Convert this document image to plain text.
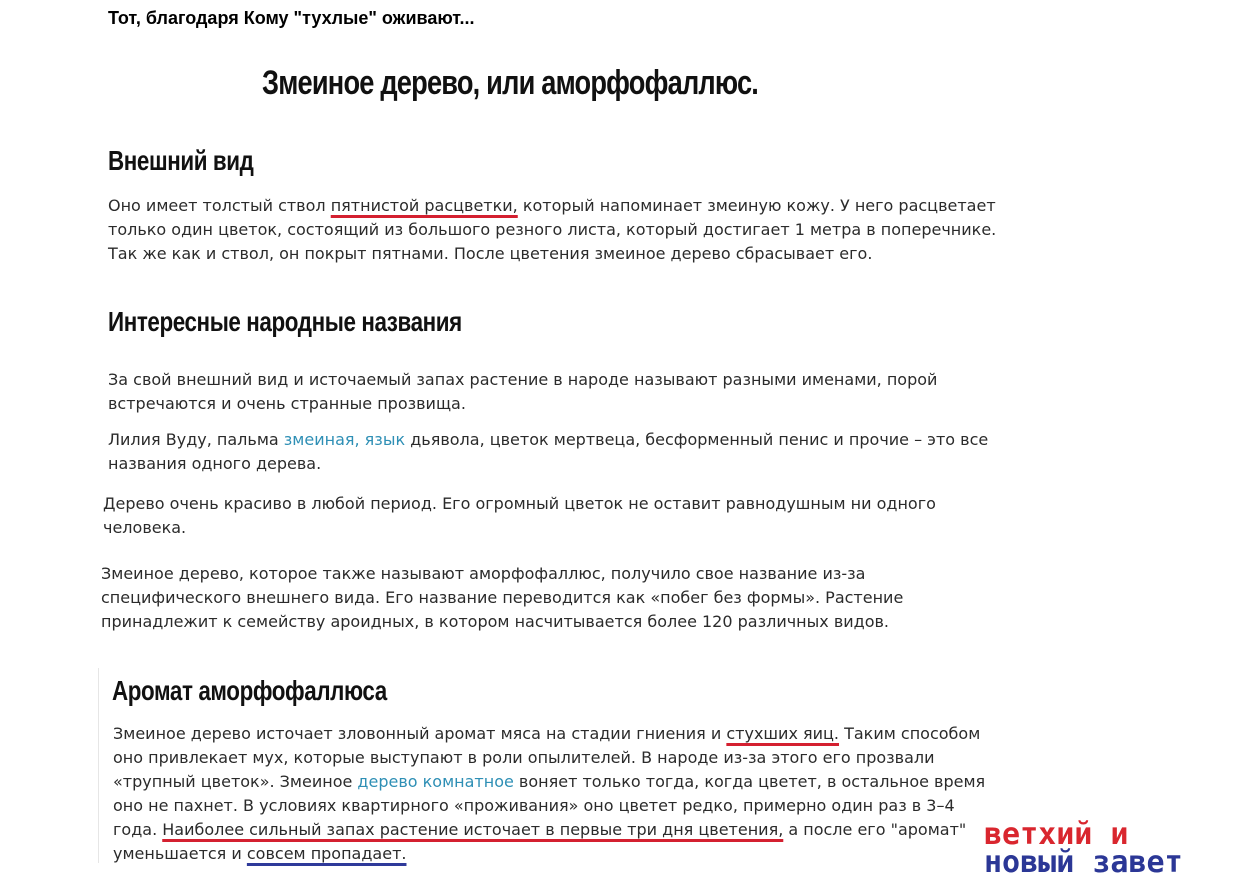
Тот, благодаря Кому "тухлые" оживают...
Змеиное дерево, или аморфофаллюс.
Внешний вид
Оно имеет толстый ствол пятнистой расцветки, который напоминает змеиную кожу. У него расцветает
только один цветок, состоящий из большого резного листа, который достигает 1 метра в поперечнике.
Так же как и ствол, он покрыт пятнами. После цветения змеиное дерево сбрасывает его.
Интересные народные названия
За свой внешний вид и источаемый запах растение в народе называют разными именами, порой
встречаются и очень странные прозвища.
Лилия Вуду, пальма змеиная, язык дьявола, цветок мертвеца, бесформенный пенис и прочие – это все
названия одного дерева.
Дерево очень красиво в любой период. Его огромный цветок не оставит равнодушным ни одного
человека.
Змеиное дерево, которое также называют аморфофаллюс, получило свое название из-за
специфического внешнего вида. Его название переводится как «побег без формы». Растение
принадлежит к семейству ароидных, в котором насчитывается более 120 различных видов.
Аромат аморфофаллюса
Змеиное дерево источает зловонный аромат мяса на стадии гниения и стухших яиц. Таким способом
оно привлекает мух, которые выступают в роли опылителей. В народе из-за этого его прозвали
«трупный цветок». Змеиное дерево комнатное воняет только тогда, когда цветет, в остальное время
оно не пахнет. В условиях квартирного «проживания» оно цветет редко, примерно один раз в 3–4
года. Наиболее сильный запах растение источает в первые три дня цветения, а после его "аромат"
уменьшается и совсем пропадает.
ветхий и
новый завет
